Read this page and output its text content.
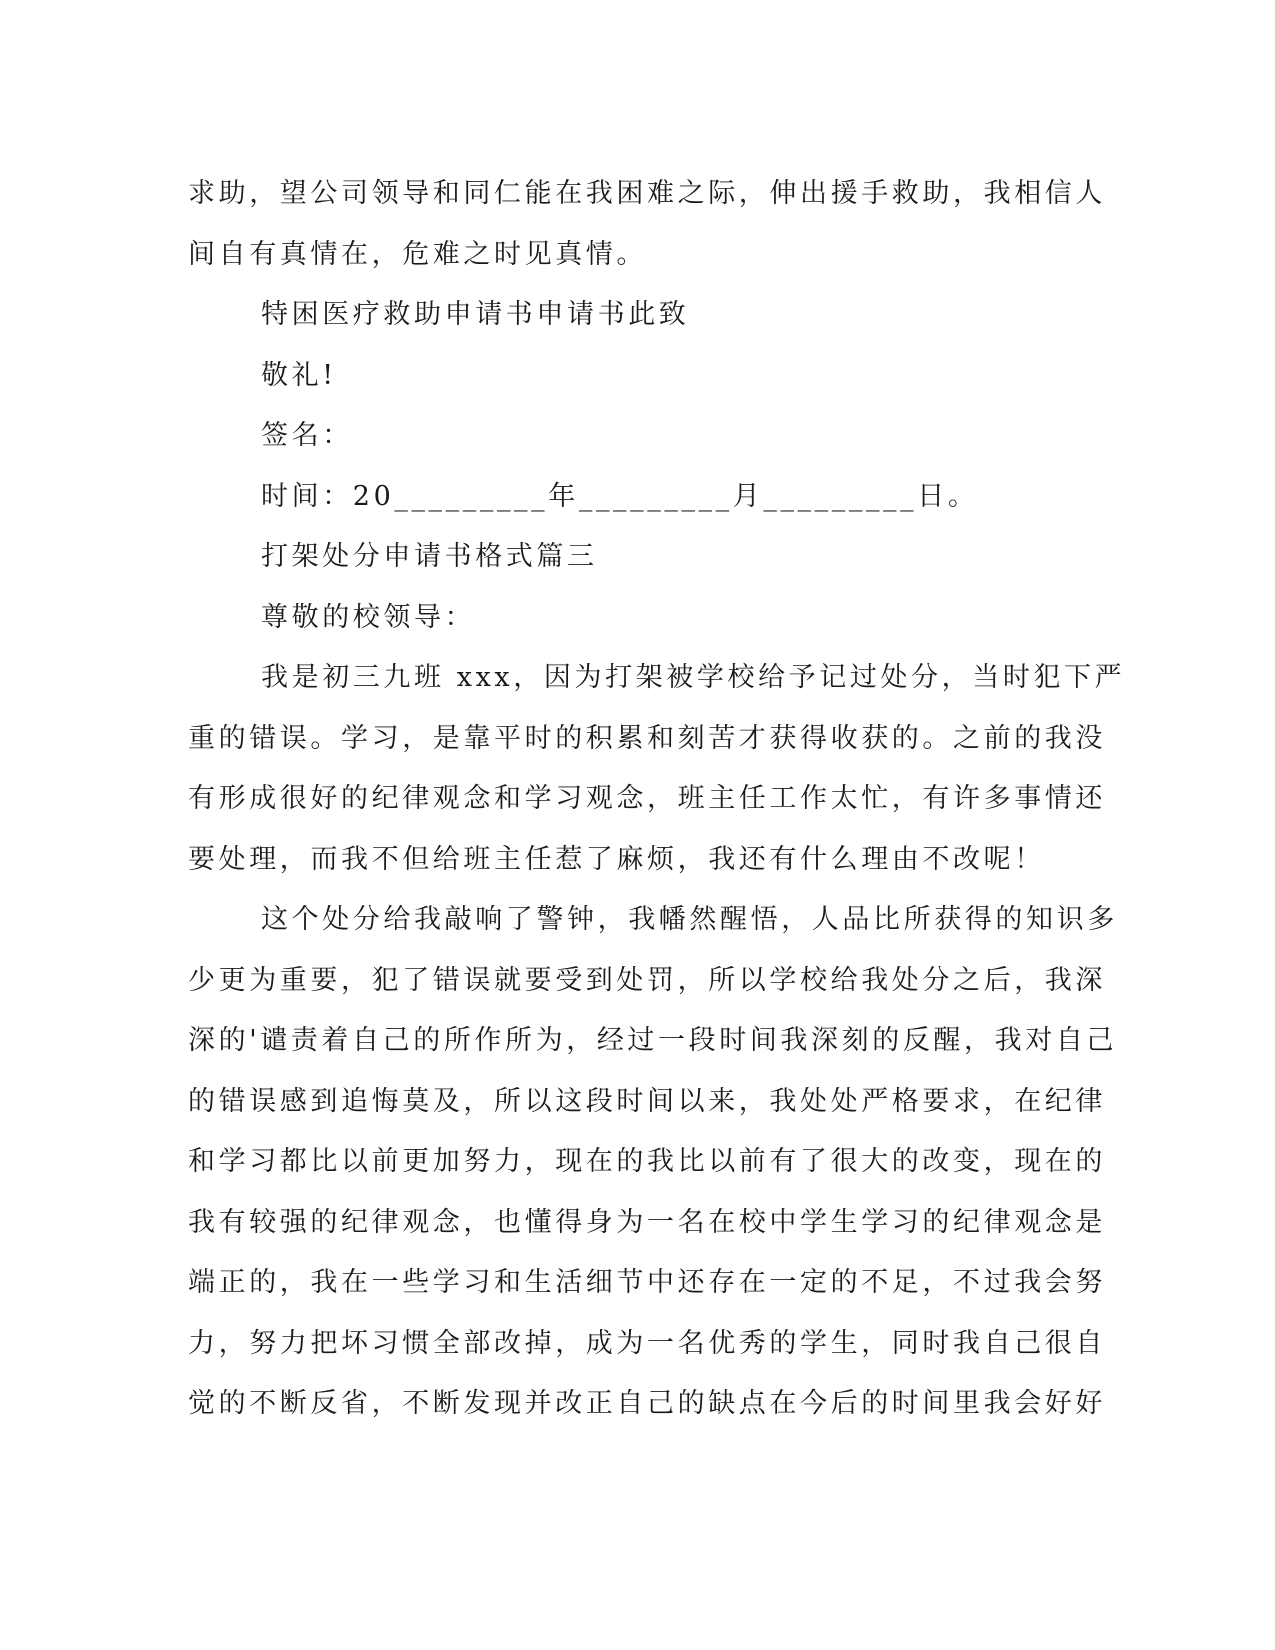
求助，望公司领导和同仁能在我困难之际，伸出援手救助，我相信人
间自有真情在，危难之时见真情。
特困医疗救助申请书申请书此致
敬礼!
签名：
时间：20_________年_________月_________日。
打架处分申请书格式篇三
尊敬的校领导：
我是初三九班 xxx，因为打架被学校给予记过处分，当时犯下严
重的错误。学习，是靠平时的积累和刻苦才获得收获的。之前的我没
有形成很好的纪律观念和学习观念，班主任工作太忙，有许多事情还
要处理，而我不但给班主任惹了麻烦，我还有什么理由不改呢！
这个处分给我敲响了警钟，我幡然醒悟，人品比所获得的知识多
少更为重要，犯了错误就要受到处罚，所以学校给我处分之后，我深
深的'谴责着自己的所作所为，经过一段时间我深刻的反醒，我对自己
的错误感到追悔莫及，所以这段时间以来，我处处严格要求，在纪律
和学习都比以前更加努力，现在的我比以前有了很大的改变，现在的
我有较强的纪律观念，也懂得身为一名在校中学生学习的纪律观念是
端正的，我在一些学习和生活细节中还存在一定的不足，不过我会努
力，努力把坏习惯全部改掉，成为一名优秀的学生，同时我自己很自
觉的不断反省，不断发现并改正自己的缺点在今后的时间里我会好好
